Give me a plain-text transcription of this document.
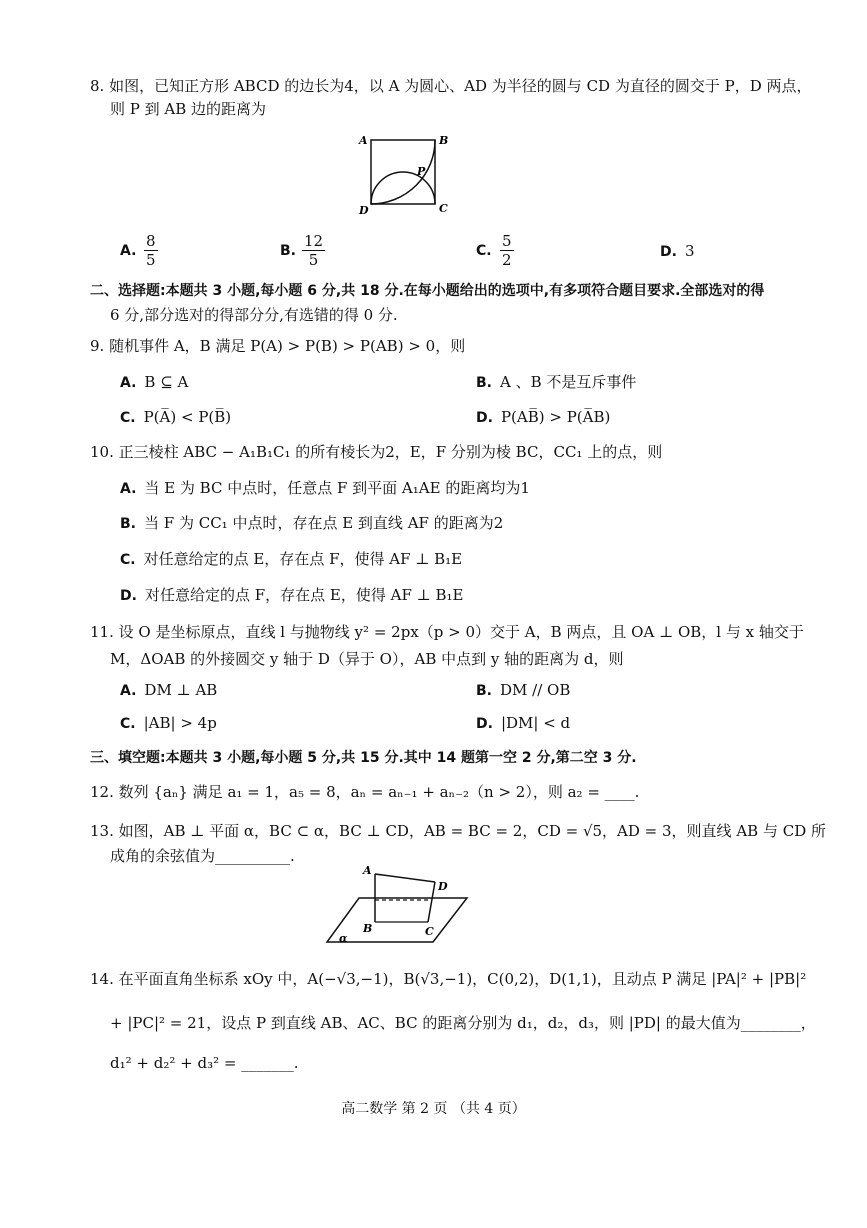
8. 如图，已知正方形 ABCD 的边长为4，以 A 为圆心、AD 为半径的圆与 CD 为直径的圆交于 P，D 两点，
则 P 到 AB 边的距离为
A	B
C
D
P
A. $\frac{8}{5}$	B. $\frac{12}{5}$	C. $\frac{5}{2}$	D. 3
二、选择题:本题共 3 小题,每小题 6 分,共 18 分.在每小题给出的选项中,有多项符合题目要求.全部选对的得
6 分,部分选对的得部分分,有选错的得 0 分.
9. 随机事件 A，B 满足 P(A) > P(B) > P(AB) > 0，则
A. B ⊆ A	B. A 、B 不是互斥事件
C. P(A̅) < P(B̅)	D. P(AB̅) > P(A̅B)
10. 正三棱柱 ABC − A₁B₁C₁ 的所有棱长为2，E，F 分别为棱 BC，CC₁ 上的点，则
A. 当 E 为 BC 中点时，任意点 F 到平面 A₁AE 的距离均为1
B. 当 F 为 CC₁ 中点时，存在点 E 到直线 AF 的距离为2
C. 对任意给定的点 E，存在点 F，使得 AF ⊥ B₁E
D. 对任意给定的点 F，存在点 E，使得 AF ⊥ B₁E
11. 设 O 是坐标原点，直线 l 与抛物线 y² = 2px（p > 0）交于 A，B 两点，且 OA ⊥ OB，l 与 x 轴交于
M，ΔOAB 的外接圆交 y 轴于 D（异于 O），AB 中点到 y 轴的距离为 d，则
A. DM ⊥ AB	B. DM // OB
C. |AB| > 4p	D. |DM| < d
三、填空题:本题共 3 小题,每小题 5 分,共 15 分.其中 14 题第一空 2 分,第二空 3 分.
12. 数列 {aₙ} 满足 a₁ = 1，a₅ = 8，aₙ = aₙ₋₁ + aₙ₋₂（n > 2），则 a₂ = ____.
13. 如图，AB ⊥ 平面 α，BC ⊂ α，BC ⊥ CD，AB = BC = 2，CD = √5，AD = 3，则直线 AB 与 CD 所
成角的余弦值为__________.
A
D
B	C
α
14. 在平面直角坐标系 xOy 中，A(−√3,−1)，B(√3,−1)，C(0,2)，D(1,1)，且动点 P 满足 |PA|² + |PB|²
+ |PC|² = 21，设点 P 到直线 AB、AC、BC 的距离分别为 d₁，d₂，d₃，则 |PD| 的最大值为________，
d₁² + d₂² + d₃² = _______.
高二数学 第 2 页 （共 4 页）
